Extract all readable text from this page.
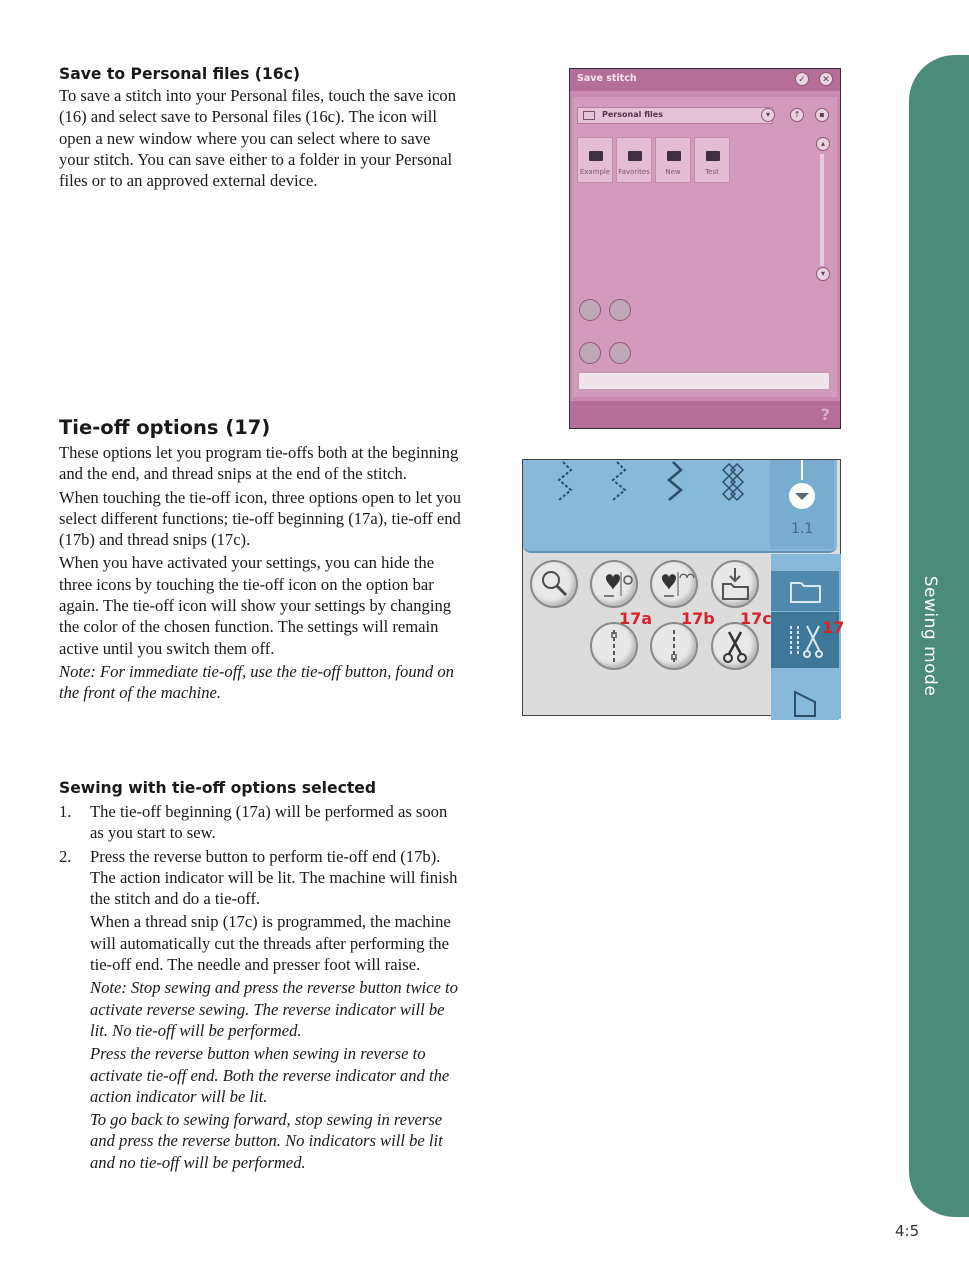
Save to Personal files (16c)

To save a stitch into your Personal files, touch the save icon (16) and select save to Personal files (16c). The icon will open a new window where you can select where to save your stitch. You can save either to a folder in your Personal files or to an approved external device.

Tie-off options (17)

These options let you program tie-offs both at the beginning and the end, and thread snips at the end of the stitch.

When touching the tie-off icon, three options open to let you select different functions; tie-off beginning (17a), tie-off end (17b) and thread snips (17c).

When you have activated your settings, you can hide the three icons by touching the tie-off icon on the option bar again. The tie-off icon will show your settings by changing the color of the chosen function. The settings will remain active until you switch them off.

Note: For immediate tie-off, use the tie-off button, found on the front of the machine.

Sewing with tie-off options selected
1. The tie-off beginning (17a) will be performed as soon as you start to sew.
2. Press the reverse button to perform tie-off end (17b). The action indicator will be lit. The machine will finish the stitch and do a tie-off.

When a thread snip (17c) is programmed, the machine will automatically cut the threads after performing the tie-off end. The needle and presser foot will raise.

Note: Stop sewing and press the reverse button twice to activate reverse sewing. The reverse indicator will be lit. No tie-off will be performed.

Press the reverse button when sewing in reverse to activate tie-off end. Both the reverse indicator and the action indicator will be lit.

To go back to sewing forward, stop sewing in reverse and press the reverse button. No indicators will be lit and no tie-off will be performed.

Save stitch	✓	✕
Personal files	▾	↑	▪
Example Favorites	New	Test
▴
▾
?
1.1
17a 17b 17c	17	Sewing mode
4:5
